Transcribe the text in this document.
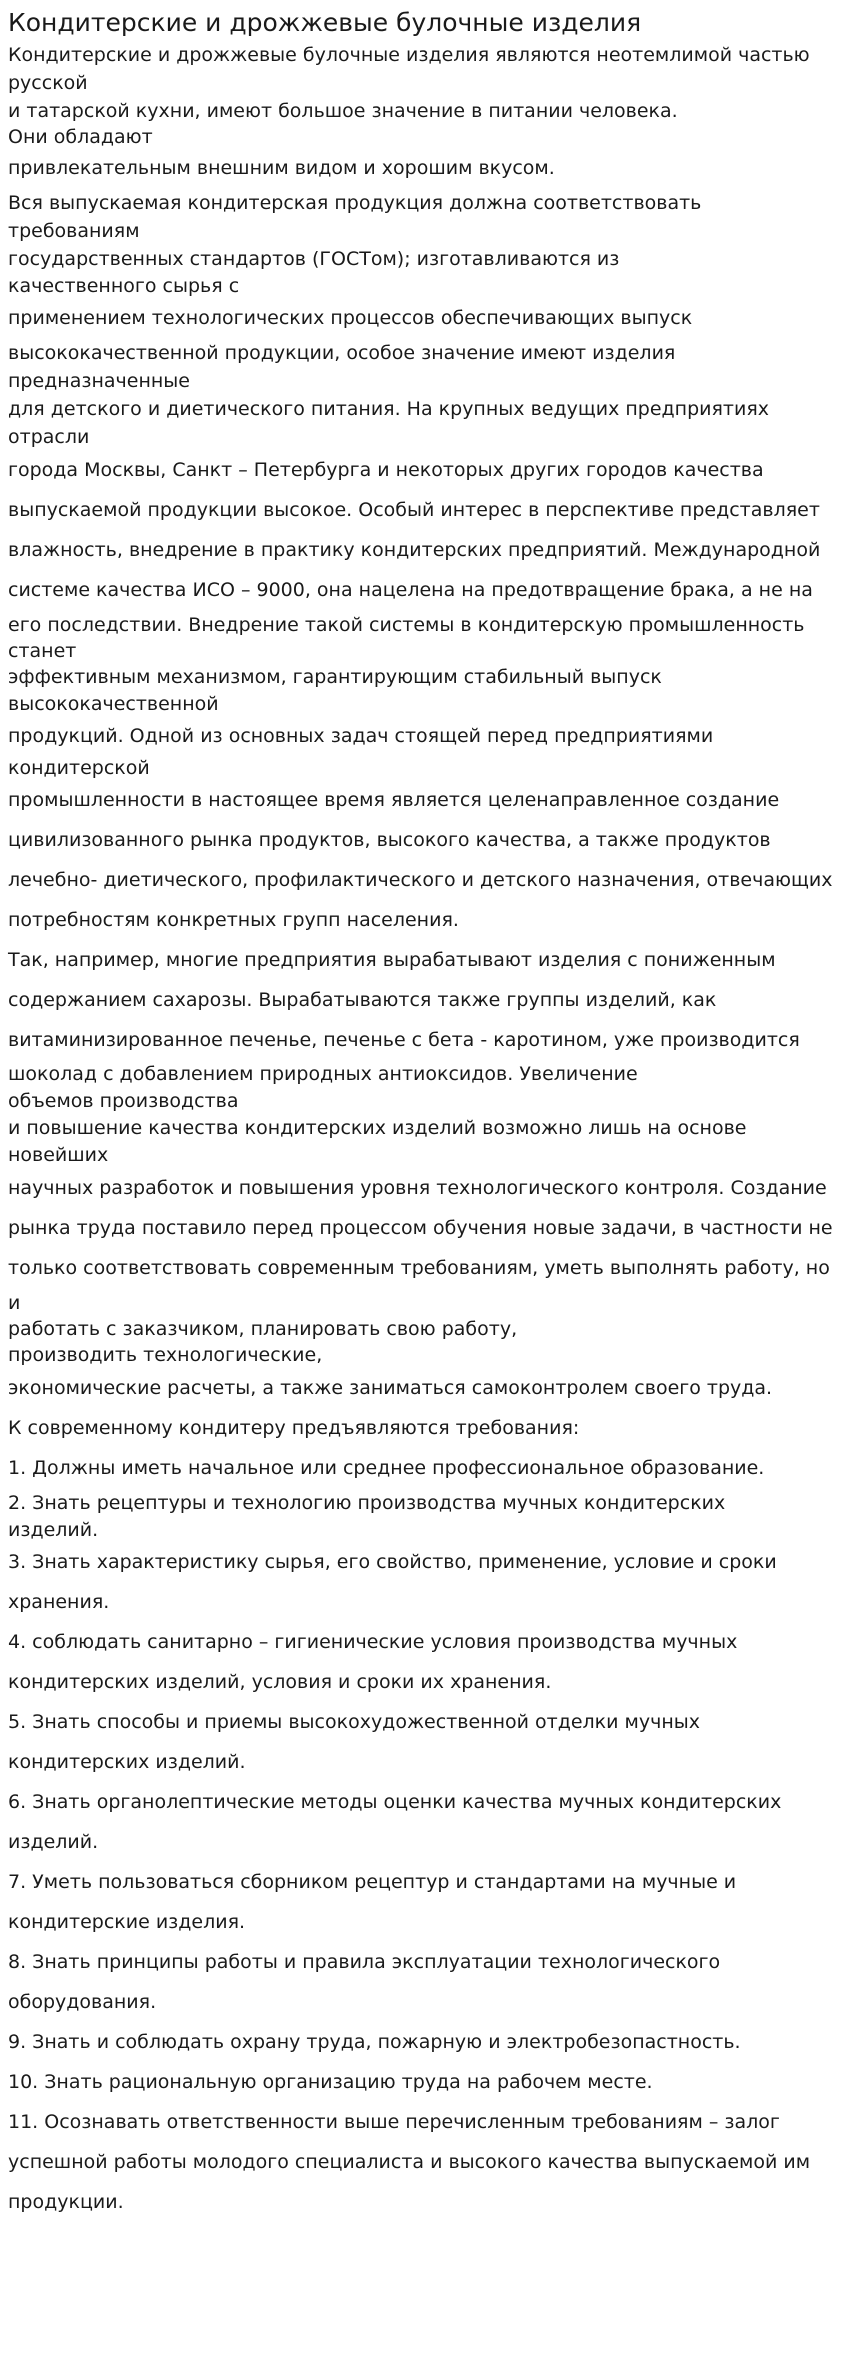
Кондитерские и дрожжевые булочные изделия
Кондитерские и дрожжевые булочные изделия являются неотемлимой частью
русской
и татарской кухни, имеют большое значение в питании человека.
Они обладают
привлекательным внешним видом и хорошим вкусом.
Вся выпускаемая кондитерская продукция должна соответствовать
требованиям
государственных стандартов (ГОСТом); изготавливаются из
качественного сырья с
применением технологических процессов обеспечивающих выпуск
высококачественной продукции, особое значение имеют изделия
предназначенные
для детского и диетического питания. На крупных ведущих предприятиях
отрасли
города Москвы, Санкт – Петербурга и некоторых других городов качества
выпускаемой продукции высокое. Особый интерес в перспективе представляет
влажность, внедрение в практику кондитерских предприятий. Международной
системе качества ИСО – 9000, она нацелена на предотвращение брака, а не на
его последствии. Внедрение такой системы в кондитерскую промышленность
станет
эффективным механизмом, гарантирующим стабильный выпуск
высококачественной
продукций. Одной из основных задач стоящей перед предприятиями
кондитерской
промышленности в настоящее время является целенаправленное создание
цивилизованного рынка продуктов, высокого качества, а также продуктов
лечебно- диетического, профилактического и детского назначения, отвечающих
потребностям конкретных групп населения.
Так, например, многие предприятия вырабатывают изделия с пониженным
содержанием сахарозы. Вырабатываются также группы изделий, как
витаминизированное печенье, печенье с бета - каротином, уже производится
шоколад с добавлением природных антиоксидов. Увеличение
объемов производства
и повышение качества кондитерских изделий возможно лишь на основе
новейших
научных разработок и повышения уровня технологического контроля. Создание
рынка труда поставило перед процессом обучения новые задачи, в частности не
только соответствовать современным требованиям, уметь выполнять работу, но
и
работать с заказчиком, планировать свою работу,
производить технологические,
экономические расчеты, а также заниматься самоконтролем своего труда.
К современному кондитеру предъявляются требования:
1. Должны иметь начальное или среднее профессиональное образование.
2. Знать рецептуры и технологию производства мучных кондитерских
изделий.
3. Знать характеристику сырья, его свойство, применение, условие и сроки
хранения.
4. соблюдать санитарно – гигиенические условия производства мучных
кондитерских изделий, условия и сроки их хранения.
5. Знать способы и приемы высокохудожественной отделки мучных
кондитерских изделий.
6. Знать органолептические методы оценки качества мучных кондитерских
изделий.
7. Уметь пользоваться сборником рецептур и стандартами на мучные и
кондитерские изделия.
8. Знать принципы работы и правила эксплуатации технологического
оборудования.
9. Знать и соблюдать охрану труда, пожарную и электробезопастность.
10. Знать рациональную организацию труда на рабочем месте.
11. Осознавать ответственности выше перечисленным требованиям – залог
успешной работы молодого специалиста и высокого качества выпускаемой им
продукции.
